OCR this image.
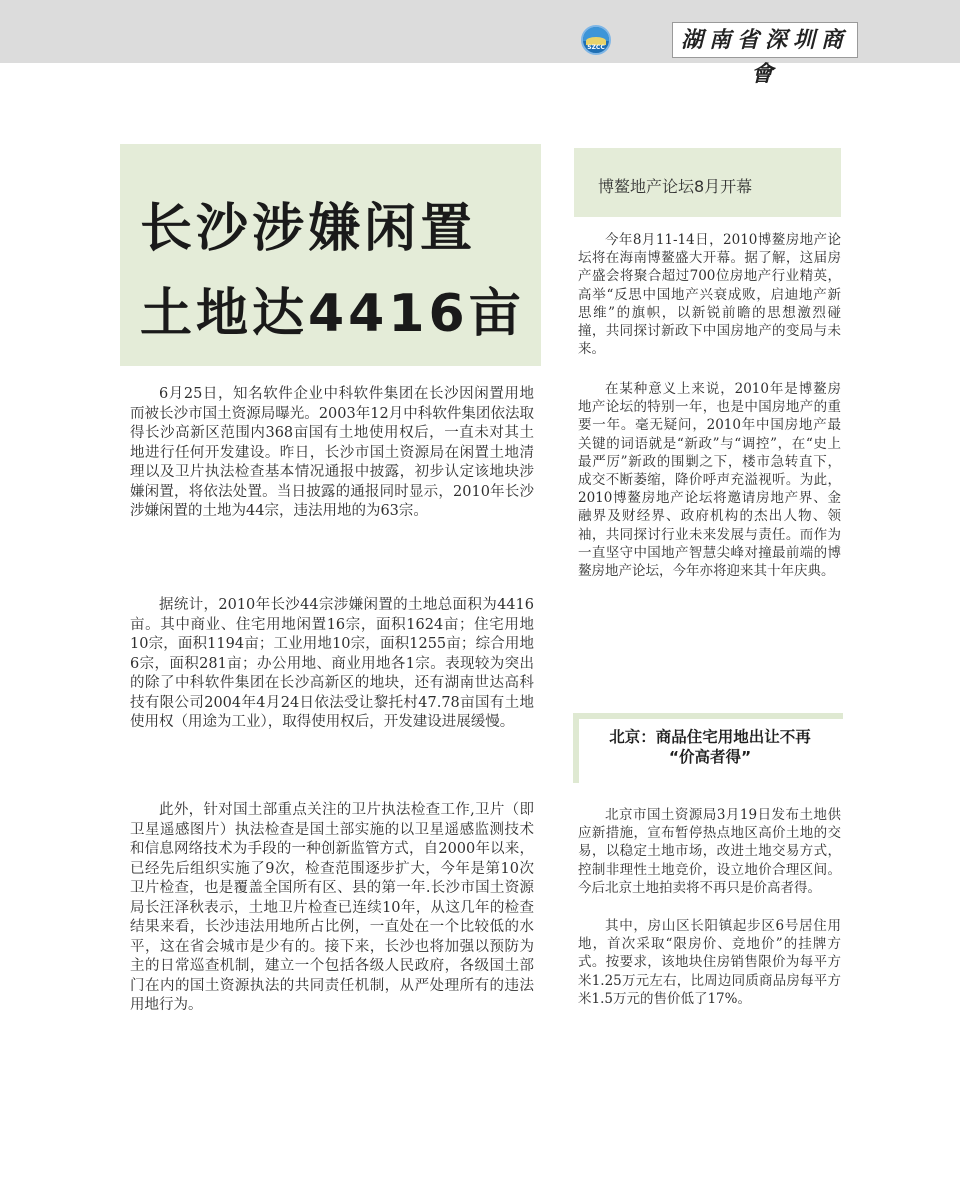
SZCC	湖南省深圳商會
长沙涉嫌闲置
土地达4416亩

6月25日，知名软件企业中科软件集团在长沙因闲置用地而被长沙市国土资源局曝光。2003年12月中科软件集团依法取得长沙高新区范围内368亩国有土地使用权后，一直未对其土地进行任何开发建设。昨日，长沙市国土资源局在闲置土地清理以及卫片执法检查基本情况通报中披露，初步认定该地块涉嫌闲置，将依法处置。当日披露的通报同时显示，2010年长沙涉嫌闲置的土地为44宗，违法用地的为63宗。

据统计，2010年长沙44宗涉嫌闲置的土地总面积为4416亩。其中商业、住宅用地闲置16宗，面积1624亩；住宅用地10宗，面积1194亩；工业用地10宗，面积1255亩；综合用地6宗，面积281亩；办公用地、商业用地各1宗。表现较为突出的除了中科软件集团在长沙高新区的地块，还有湖南世达高科技有限公司2004年4月24日依法受让黎托村47.78亩国有土地使用权（用途为工业），取得使用权后，开发建设进展缓慢。

此外，针对国土部重点关注的卫片执法检查工作,卫片（即卫星遥感图片）执法检查是国土部实施的以卫星遥感监测技术和信息网络技术为手段的一种创新监管方式，自2000年以来，已经先后组织实施了9次，检查范围逐步扩大，今年是第10次卫片检查，也是覆盖全国所有区、县的第一年.长沙市国土资源局长汪泽秋表示，土地卫片检查已连续10年，从这几年的检查结果来看，长沙违法用地所占比例，一直处在一个比较低的水平，这在省会城市是少有的。接下来，长沙也将加强以预防为主的日常巡查机制，建立一个包括各级人民政府，各级国土部门在内的国土资源执法的共同责任机制，从严处理所有的违法用地行为。

博鳌地产论坛8月开幕

今年8月11-14日，2010博鳌房地产论坛将在海南博鳌盛大开幕。据了解，这届房产盛会将聚合超过700位房地产行业精英，高举“反思中国地产兴衰成败，启迪地产新思维”的旗帜，以新锐前瞻的思想激烈碰撞，共同探讨新政下中国房地产的变局与未来。

在某种意义上来说，2010年是博鳌房地产论坛的特别一年，也是中国房地产的重要一年。毫无疑问，2010年中国房地产最关键的词语就是“新政”与“调控”，在“史上最严厉”新政的围剿之下，楼市急转直下，成交不断萎缩，降价呼声充溢视听。为此，2010博鳌房地产论坛将邀请房地产界、金融界及财经界、政府机构的杰出人物、领袖，共同探讨行业未来发展与责任。而作为一直坚守中国地产智慧尖峰对撞最前端的博鳌房地产论坛，今年亦将迎来其十年庆典。

北京：商品住宅用地出让不再
“价高者得”

北京市国土资源局3月19日发布土地供应新措施，宣布暂停热点地区高价土地的交易，以稳定土地市场，改进土地交易方式，控制非理性土地竞价，设立地价合理区间。今后北京土地拍卖将不再只是价高者得。

其中，房山区长阳镇起步区6号居住用地，首次采取“限房价、竞地价”的挂牌方式。按要求，该地块住房销售限价为每平方米1.25万元左右，比周边同质商品房每平方米1.5万元的售价低了17%。
